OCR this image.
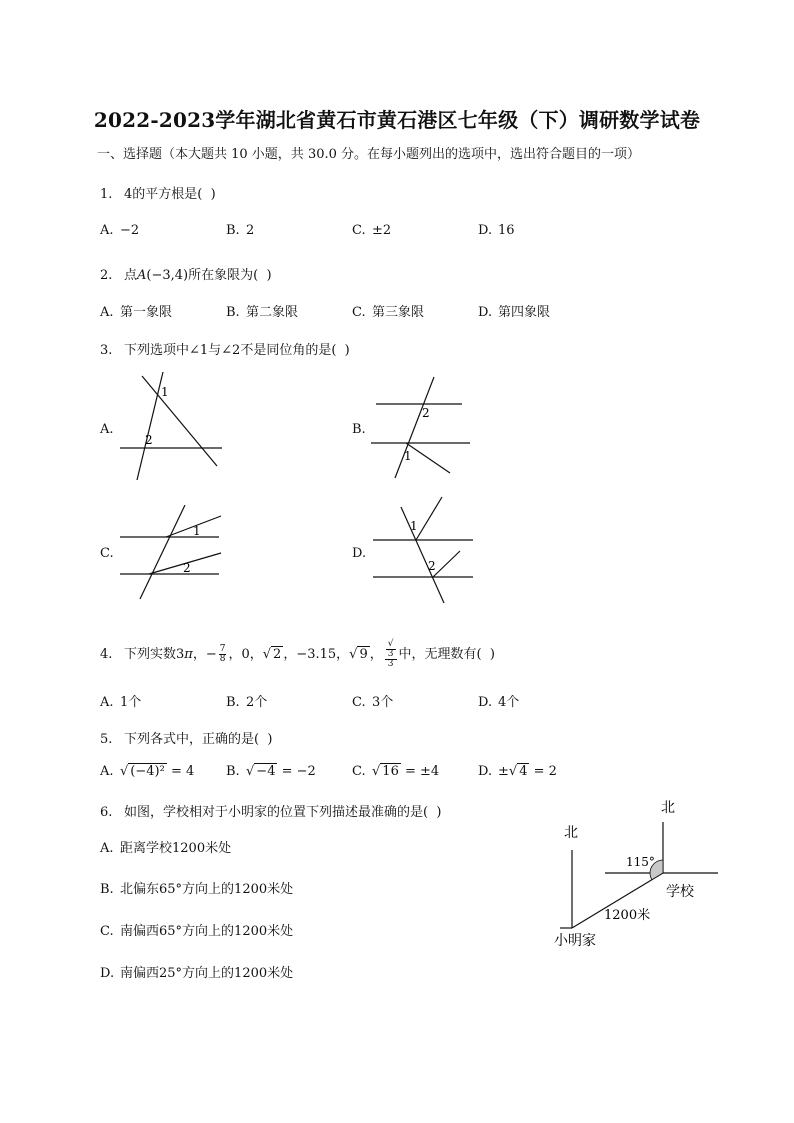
2022-2023学年湖北省黄石市黄石港区七年级（下）调研数学试卷
一、选择题（本大题共 10 小题，共 30.0 分。在每小题列出的选项中，选出符合题目的一项）
1. 4的平方根是(  )
A. −2	B. 2	C. ±2	D. 16
2. 点A(−3,4)所在象限为(  )
A. 第一象限	B. 第二象限	C. 第三象限	D. 第四象限
3. 下列选项中∠1与∠2不是同位角的是(  )
A.
1
2
B.
2
1
C.
1
2
D.
1
2
4. 下列实数3π，− $\frac{7}{8}$ ，0，√ 2 ，−3.15，√ 9 ， √
3
3 中，无理数有(  )
A. 1个	B. 2个	C. 3个	D. 4个
5. 下列各式中，正确的是(  )
A. √ (−4)² = 4 B. √ −4 = −2	C. √ 16 = ±4	D. ±√ 4 = 2
6. 如图，学校相对于小明家的位置下列描述最准确的是(  )
A. 距离学校1200米处
B. 北偏东65°方向上的1200米处
C. 南偏西65°方向上的1200米处
D. 南偏西25°方向上的1200米处
北
北
115°
学校
1200米
小明家
